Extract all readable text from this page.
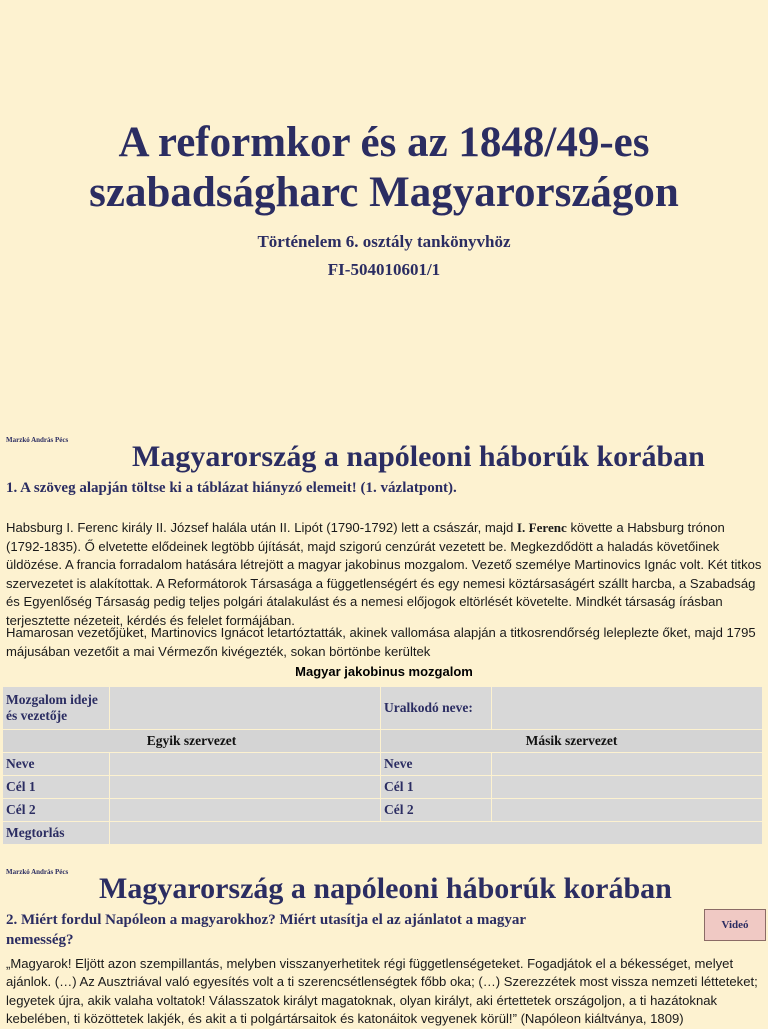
A reformkor és az 1848/49-es szabadságharc Magyarországon
Történelem 6. osztály tankönyvhöz
FI-504010601/1
Marzkó András Pécs Magyarország a napóleoni háborúk korában
1. A szöveg alapján töltse ki a táblázat hiányzó elemeit! (1. vázlatpont).
Habsburg I. Ferenc király II. József halála után II. Lipót (1790-1792) lett a császár, majd I. Ferenc követte a Habsburg trónon (1792-1835). Ő elvetette elődeinek legtöbb újítását, majd szigorú cenzúrát vezetett be. Megkezdődött a haladás követőinek üldözése. A francia forradalom hatására létrejött a magyar jakobinus mozgalom. Vezető személye Martinovics Ignác volt. Két titkos szervezetet is alakítottak. A Reformátorok Társasága a függetlenségért és egy nemesi köztársaságért szállt harcba, a Szabadság és Egyenlőség Társaság pedig teljes polgári átalakulást és a nemesi előjogok eltörlését követelte. Mindkét társaság írásban terjesztette nézeteit, kérdés és felelet formájában.
Hamarosan vezetőjüket, Martinovics Ignácot letartóztatták, akinek vallomása alapján a titkosrendőrség leleplezte őket, majd 1795 májusában vezetőit a mai Vérmezőn kivégezték, sokan börtönbe kerültek
Magyar jakobinus mozgalom
Mozgalom ideje és vezetője		Uralkodó neve:	
Egyik szervezet		Másik szervezet	
Neve		Neve	
Cél 1		Cél 1	
Cél 2		Cél 2	
Megtorlás			
Marzkó András Pécs Magyarország a napóleoni háborúk korában
2. Miért fordul Napóleon a magyarokhoz? Miért utasítja el az ajánlatot a magyar nemesség?
Videó
„Magyarok! Eljött azon szempillantás, melyben visszanyerhetitek régi függetlenségeteket. Fogadjátok el a békességet, melyet ajánlok. (…) Az Ausztriával való egyesítés volt a ti szerencsétlenségtek főbb oka; (…) Szerezzétek most vissza nemzeti létteteket; legyetek újra, akik valaha voltatok! Válasszatok királyt magatoknak, olyan királyt, aki értettetek országoljon, a ti hazátoknak kebelében, ti közöttetek lakjék, és akit a ti polgártársaitok és katonáitok vegyenek körül!” (Napóleon kiáltványa, 1809)
